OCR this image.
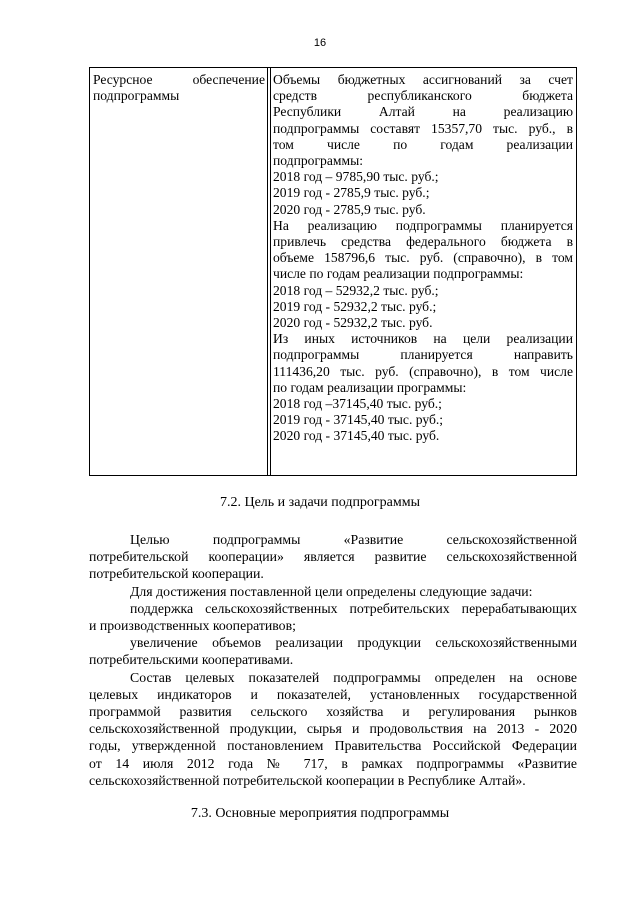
16
Ресурсное обеспечение
подпрограммы
Объемы бюджетных ассигнований за счет
средств республиканского бюджета
Республики Алтай на реализацию
подпрограммы составят 15357,70 тыс. руб., в
том числе по годам реализации
подпрограммы:
2018 год – 9785,90 тыс. руб.;
2019 год - 2785,9 тыс. руб.;
2020 год - 2785,9 тыс. руб.
На реализацию подпрограммы планируется
привлечь средства федерального бюджета в
объеме 158796,6 тыс. руб. (справочно), в том
числе по годам реализации подпрограммы:
2018 год – 52932,2 тыс. руб.;
2019 год - 52932,2 тыс. руб.;
2020 год - 52932,2 тыс. руб.
Из иных источников на цели реализации
подпрограммы планируется направить
111436,20 тыс. руб. (справочно), в том числе
по годам реализации программы:
2018 год –37145,40 тыс. руб.;
2019 год - 37145,40 тыс. руб.;
2020 год - 37145,40 тыс. руб.
7.2. Цель и задачи подпрограммы
Целью подпрограммы «Развитие сельскохозяйственной
потребительской кооперации» является развитие сельскохозяйственной
потребительской кооперации.
Для достижения поставленной цели определены следующие задачи:
поддержка сельскохозяйственных потребительских перерабатывающих
и производственных кооперативов;
увеличение объемов реализации продукции сельскохозяйственными
потребительскими кооперативами.
Состав целевых показателей подпрограммы определен на основе
целевых индикаторов и показателей, установленных государственной
программой развития сельского хозяйства и регулирования рынков
сельскохозяйственной продукции, сырья и продовольствия на 2013 - 2020
годы, утвержденной постановлением Правительства Российской Федерации
от 14 июля 2012 года № 717, в рамках подпрограммы «Развитие
сельскохозяйственной потребительской кооперации в Республике Алтай».
7.3. Основные мероприятия подпрограммы
